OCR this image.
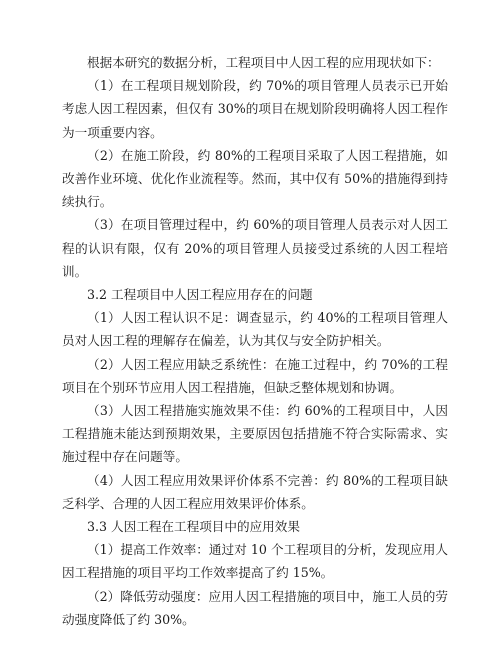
根据本研究的数据分析，工程项目中人因工程的应用现状如下：

（1）在工程项目规划阶段，约 70%的项目管理人员表示已开始考虑人因工程因素，但仅有 30%的项目在规划阶段明确将人因工程作为一项重要内容。

（2）在施工阶段，约 80%的工程项目采取了人因工程措施，如改善作业环境、优化作业流程等。然而，其中仅有 50%的措施得到持续执行。

（3）在项目管理过程中，约 60%的项目管理人员表示对人因工程的认识有限，仅有 20%的项目管理人员接受过系统的人因工程培训。

3.2 工程项目中人因工程应用存在的问题

（1）人因工程认识不足：调查显示，约 40%的工程项目管理人员对人因工程的理解存在偏差，认为其仅与安全防护相关。

（2）人因工程应用缺乏系统性：在施工过程中，约 70%的工程项目在个别环节应用人因工程措施，但缺乏整体规划和协调。

（3）人因工程措施实施效果不佳：约 60%的工程项目中，人因工程措施未能达到预期效果，主要原因包括措施不符合实际需求、实施过程中存在问题等。

（4）人因工程应用效果评价体系不完善：约 80%的工程项目缺乏科学、合理的人因工程应用效果评价体系。

3.3 人因工程在工程项目中的应用效果

（1）提高工作效率：通过对 10 个工程项目的分析，发现应用人因工程措施的项目平均工作效率提高了约 15%。

（2）降低劳动强度：应用人因工程措施的项目中，施工人员的劳动强度降低了约 30%。
